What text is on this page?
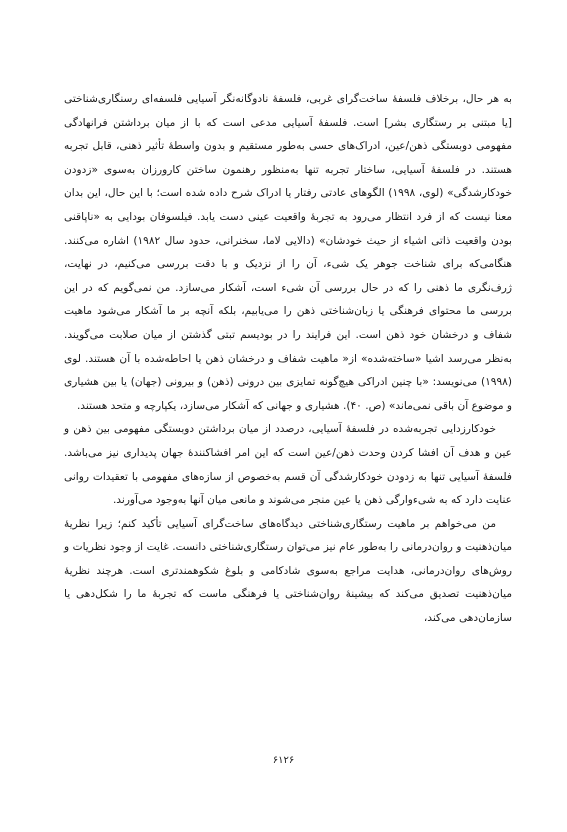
به هر حال، برخلاف فلسفهٔ ساخت‌گرای غربی، فلسفهٔ نادوگانه‌نگر آسیایی فلسفه‌ای رسنگاری‌شناختی [یا مبتنی بر رستگاری بشر] است. فلسفهٔ آسیایی مدعی است که با از میان برداشتن فرانهادگی مفهومی دوبستگی ذهن/عین، ادراک‌های حسی به‌طور مستقیم و بدون واسطهٔ تأثیر ذهنی، قابل تجربه هستند. در فلسفهٔ آسیایی، ساختار تجربه تنها به‌منظور رهنمون ساختن کارورزان به‌سوی «زدودن خودکارشدگی» (لوی، ۱۹۹۸) الگوهای عادتی رفتار یا ادراک شرح داده شده است؛ با این حال، این بدان معنا نیست که از فرد انتظار می‌رود به تجربهٔ واقعیت عینی دست یابد. فیلسوفان بودایی به «ناپاقنی بودن واقعیت ذاتی اشیاء از حیث خودشان» (دالایی لاما، سخنرانی، حدود سال ۱۹۸۲) اشاره می‌کنند. هنگامی‌که برای شناخت جوهر یک شیء، آن را از نزدیک و با دقت بررسی می‌کنیم، در نهایت، ژرف‌نگری ما ذهنی را که در حال بررسی آن شیء است، آشکار می‌سازد. من نمی‌گویم که در این بررسی ما محتوای فرهنگی یا زبان‌شناختی ذهن را می‌یابیم، بلکه آنچه بر ما آشکار می‌شود ماهیت شفاف و درخشان خود ذهن است. این فرایند را در بودیسم تبتی گذشتن از میان صلابت می‌گویند. به‌نظر می‌رسد اشیا «ساخته‌شده» از« ماهیت شفاف و درخشان ذهن یا احاطه‌شده با آن هستند. لوی (۱۹۹۸) می‌نویسد: «با چنین ادراکی هیچ‌گونه تمایزی بین درونی (ذهن) و بیرونی (جهان) یا بین هشیاری و موضوع آن باقی نمی‌ماند» (ص. ۴۰). هشیاری و جهانی که آشکار می‌سازد، یکپارچه و متحد هستند.

خودکارزدایی تجربه‌شده در فلسفهٔ آسیایی، درصدد از میان برداشتن دوبستگی مفهومی بین ذهن و عین و هدف آن افشا کردن وحدت ذهن/عین است که این امر افشاکنندهٔ جهان پدیداری نیز می‌باشد. فلسفهٔ آسیایی تنها به زدودن خودکارشدگی آن قسم به‌خصوص از سازه‌های مفهومی با تعقیدات روانی عنایت دارد که به شیءوارگی ذهن یا عین منجر می‌شوند و مانعی میان آنها به‌وجود می‌آورند.

من می‌خواهم بر ماهیت رستگاری‌شناختی دیدگاه‌های ساخت‌گرای آسیایی تأکید کنم؛ زیرا نظریهٔ میان‌ذهنیت و روان‌درمانی را به‌طور عام نیز می‌توان رستگاری‌شناختی دانست. غایت از وجود نظریات و روش‌های روان‌درمانی، هدایت مراجع به‌سوی شادکامی و بلوغ شکوهمندتری است. هرچند نظریهٔ میان‌ذهنیت تصدیق می‌کند که بیشینهٔ روان‌شناختی یا فرهنگی ماست که تجربهٔ ما را شکل‌دهی یا سازمان‌دهی می‌کند،

۶۱۲۶
